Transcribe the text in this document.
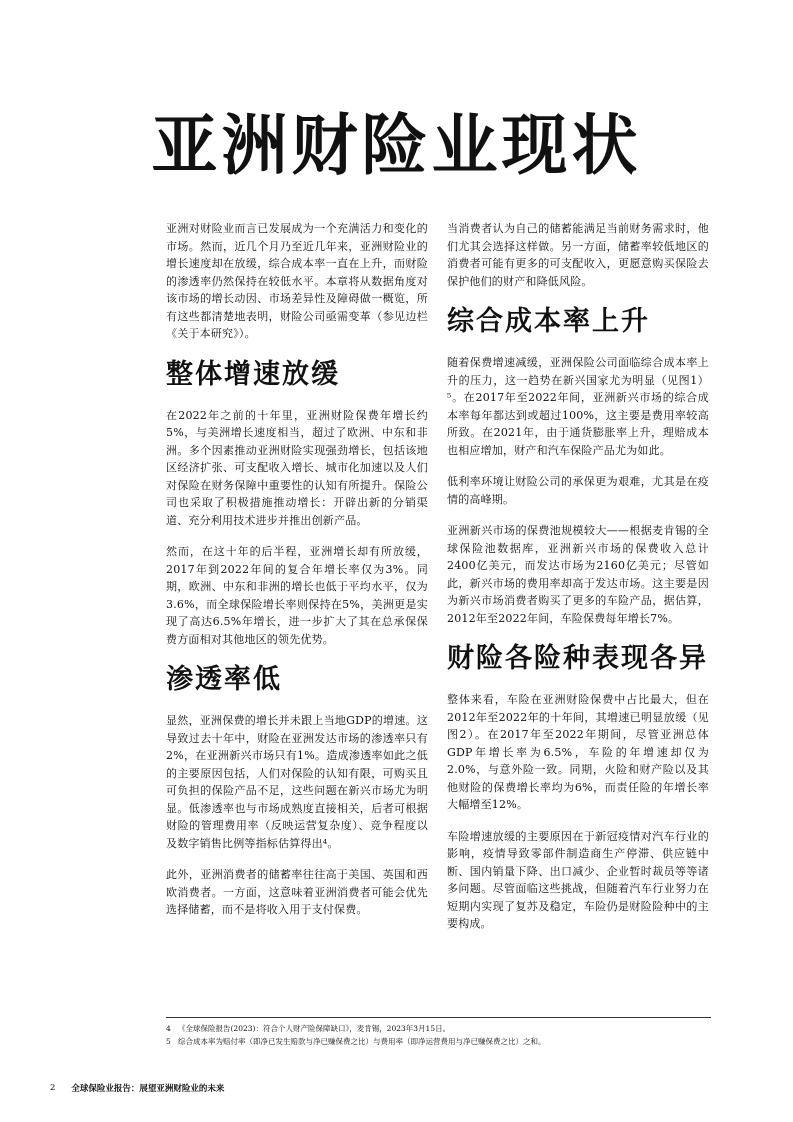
亚洲财险业现状

亚洲对财险业而言已发展成为一个充满活力和变化的市场。然而，近几个月乃至近几年来，亚洲财险业的增长速度却在放缓，综合成本率一直在上升，而财险的渗透率仍然保持在较低水平。本章将从数据角度对该市场的增长动因、市场差异性及障碍做一概览，所有这些都清楚地表明，财险公司亟需变革（参见边栏《关于本研究》）。

整体增速放缓

在2022年之前的十年里，亚洲财险保费年增长约5%，与美洲增长速度相当，超过了欧洲、中东和非洲。多个因素推动亚洲财险实现强劲增长，包括该地区经济扩张、可支配收入增长、城市化加速以及人们对保险在财务保障中重要性的认知有所提升。保险公司也采取了积极措施推动增长：开辟出新的分销渠道、充分利用技术进步并推出创新产品。

然而，在这十年的后半程，亚洲增长却有所放缓，2017年到2022年间的复合年增长率仅为3%。同期，欧洲、中东和非洲的增长也低于平均水平，仅为3.6%，而全球保险增长率则保持在5%，美洲更是实现了高达6.5%年增长，进一步扩大了其在总承保保费方面相对其他地区的领先优势。

渗透率低

显然，亚洲保费的增长并未跟上当地GDP的增速。这导致过去十年中，财险在亚洲发达市场的渗透率只有2%，在亚洲新兴市场只有1%。造成渗透率如此之低的主要原因包括，人们对保险的认知有限，可购买且可负担的保险产品不足，这些问题在新兴市场尤为明显。低渗透率也与市场成熟度直接相关，后者可根据财险的管理费用率（反映运营复杂度）、竞争程度以及数字销售比例等指标估算得出⁴。

此外，亚洲消费者的储蓄率往往高于美国、英国和西欧消费者。一方面，这意味着亚洲消费者可能会优先选择储蓄，而不是将收入用于支付保费。

当消费者认为自己的储蓄能满足当前财务需求时，他们尤其会选择这样做。另一方面，储蓄率较低地区的消费者可能有更多的可支配收入，更愿意购买保险去保护他们的财产和降低风险。

综合成本率上升

随着保费增速减缓，亚洲保险公司面临综合成本率上升的压力，这一趋势在新兴国家尤为明显（见图1）⁵。在2017年至2022年间，亚洲新兴市场的综合成本率每年都达到或超过100%，这主要是费用率较高所致。在2021年，由于通货膨胀率上升，理赔成本也相应增加，财产和汽车保险产品尤为如此。

低利率环境让财险公司的承保更为艰难，尤其是在疫情的高峰期。

亚洲新兴市场的保费池规模较大——根据麦肯锡的全球保险池数据库，亚洲新兴市场的保费收入总计2400亿美元，而发达市场为2160亿美元；尽管如此，新兴市场的费用率却高于发达市场。这主要是因为新兴市场消费者购买了更多的车险产品，据估算，2012年至2022年间，车险保费每年增长7%。

财险各险种表现各异

整体来看，车险在亚洲财险保费中占比最大，但在2012年至2022年的十年间，其增速已明显放缓（见图2）。在2017年至2022年期间，尽管亚洲总体GDP年增长率为6.5%，车险的年增速却仅为2.0%，与意外险一致。同期，火险和财产险以及其他财险的保费增长率均为6%，而责任险的年增长率大幅增至12%。

车险增速放缓的主要原因在于新冠疫情对汽车行业的影响，疫情导致零部件制造商生产停滞、供应链中断、国内销量下降、出口减少、企业暂时裁员等等诸多问题。尽管面临这些挑战，但随着汽车行业努力在短期内实现了复苏及稳定，车险仍是财险险种中的主要构成。

4 《全球保险报告(2023)：符合个人财产险保障缺口》，麦肯锡，2023年3月15日。

5 综合成本率为赔付率（即净已发生赔款与净已赚保费之比）与费用率（即净运营费用与净已赚保费之比）之和。

2 全球保险业报告：展望亚洲财险业的未来
